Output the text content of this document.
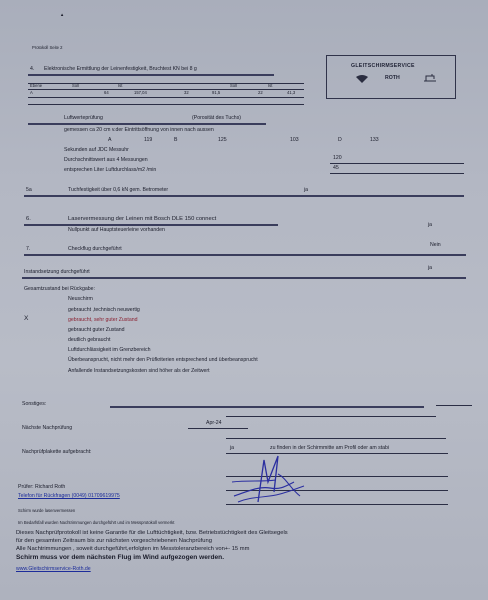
▲
Protokoll Seite 2
GLEITSCHIRMSERVICE
ROTH
4. Elektronische Ermittlung der Leinenfestigkeit, Bruchtest KN bei 8 g
Ebene	Soll	Ist	Soll	Ist
A	64	157,04	32	91,5	22	41,3
Luftwerteprüfung	(Porosität des Tuchs)
gemessen ca 20 cm v.der Eintrittsöffnung von innen nach aussen
A	119	B	125	103	D	133
Sekunden auf JDC Messuhr
Durchschnittswert aus 4 Messungen	120
entsprechen Liter Luftdurchlass/m2 /min	45
5a	Tuchfestigkeit über 0,6 kN gem. Betrometer	ja
6.	Laservermessung der Leinen mit Bosch DLE 150 connect
Nullpunkt auf Hauptsteuerleine vorhanden
ja
7.	Checkflug durchgeführt
Nein
Instandsetzung durchgeführt
ja
Gesamtzustand bei Rückgabe:
Neuschirm
gebraucht ,technisch neuwertig
X	gebraucht, sehr guter Zustand
gebraucht guter Zustand
deutlich gebraucht
Luftdurchlässigkeit im Grenzbereich
Überbeansprucht, nicht mehr den Prüfkriterien entsprechend und überbeansprucht
Anfallende Instandsetzungskosten sind höher als der Zeitwert
Sonstiges:
Nächste Nachprüfung
Apr-24
Nachprüfplakette aufgebracht:
ja	zu finden in der Schirmmitte am Profil oder am stabi
Prüfer: Richard Roth
Telefon für Rückfragen (0049) 01709619975
Schirm wurde lasenvermessen
Im Bedarfsfall wurden Nachtrimmungen durchgeführt und im Messprotokoll vermerkt
Dieses Nachprüfprotokoll ist keine Garantie für die Lufttüchtigkeit, bzw. Betriebstüchtigkeit des Gleitsegels
für den gesamten Zeitraum bis zur nächsten vorgeschriebenen Nachprüfung
Alle Nachtrimmungen , soweit durchgeführt,erfolgten im Messtoleranzbereich von+- 15 mm
Schirm muss vor dem nächsten Flug im Wind aufgezogen werden.
www.Gleitschirmservice-Roth.de
